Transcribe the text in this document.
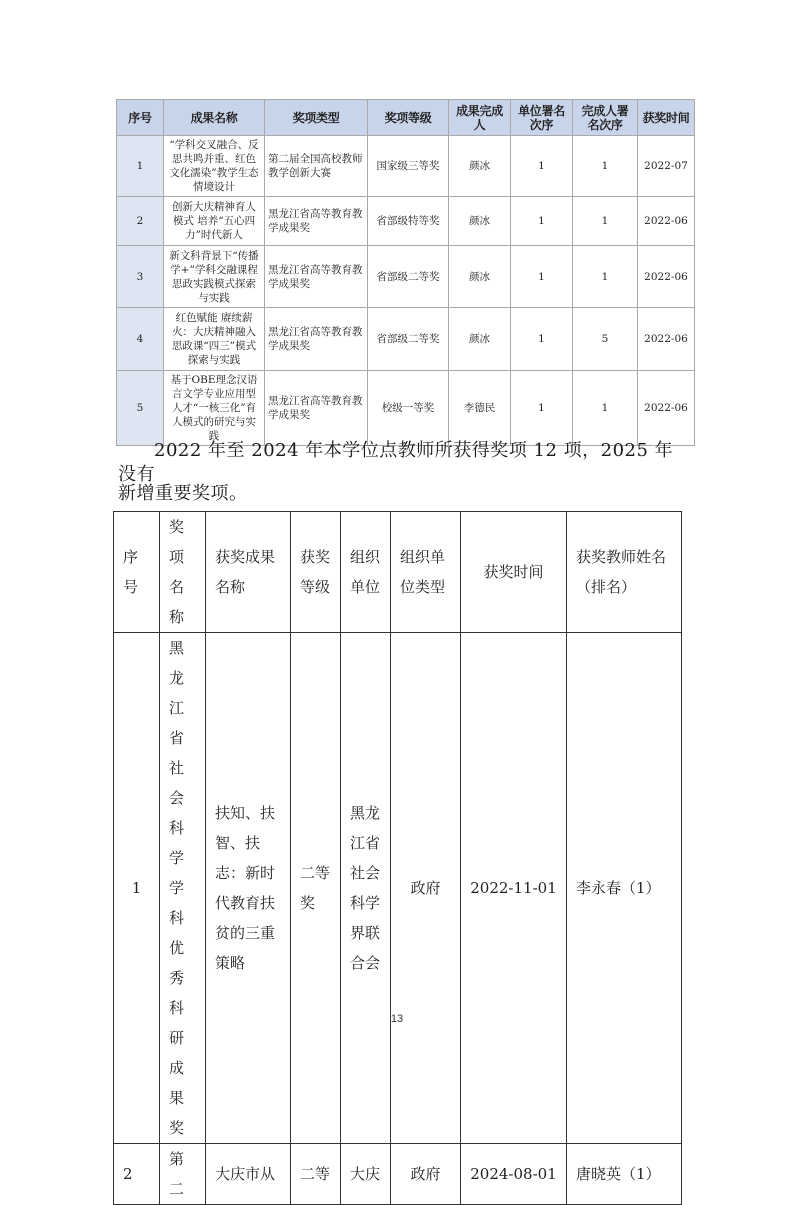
序号	成果名称	奖项类型	奖项等级	成果完成人	单位署名次序	完成人署名次序	获奖时间
1	“学科交叉融合、反思共鸣并重、红色文化濡染”教学生态情境设计	第二届全国高校教师教学创新大赛	国家级三等奖	颜冰	1	1	2022-07
2	创新大庆精神育人模式 培养“五心四力”时代新人	黑龙江省高等教育教学成果奖	省部级特等奖	颜冰	1	1	2022-06
3	新文科背景下“传播学+”学科交融课程思政实践模式探索与实践	黑龙江省高等教育教学成果奖	省部级二等奖	颜冰	1	1	2022-06
4	红色赋能 赓续薪火：大庆精神融入思政课“四三”模式探索与实践	黑龙江省高等教育教学成果奖	省部级二等奖	颜冰	1	5	2022-06
5	基于OBE理念汉语言文学专业应用型人才“一核三化”育人模式的研究与实践	黑龙江省高等教育教学成果奖	校级一等奖	李德民	1	1	2022-06
2022 年至 2024 年本学位点教师所获得奖项 12 项，2025 年没有
新增重要奖项。
序号	奖项名称	获奖成果名称	获奖等级	组织单位	组织单位类型	获奖时间	获奖教师姓名（排名）
1	黑龙江省社会科学学科优秀科研成果奖	扶知、扶智、扶志：新时代教育扶贫的三重策略	二等奖	黑龙江省社会科学界联合会	政府	2022-11-01	李永春（1）
2	第二	大庆市从	二等	大庆	政府	2024-08-01	唐晓英（1）
13
